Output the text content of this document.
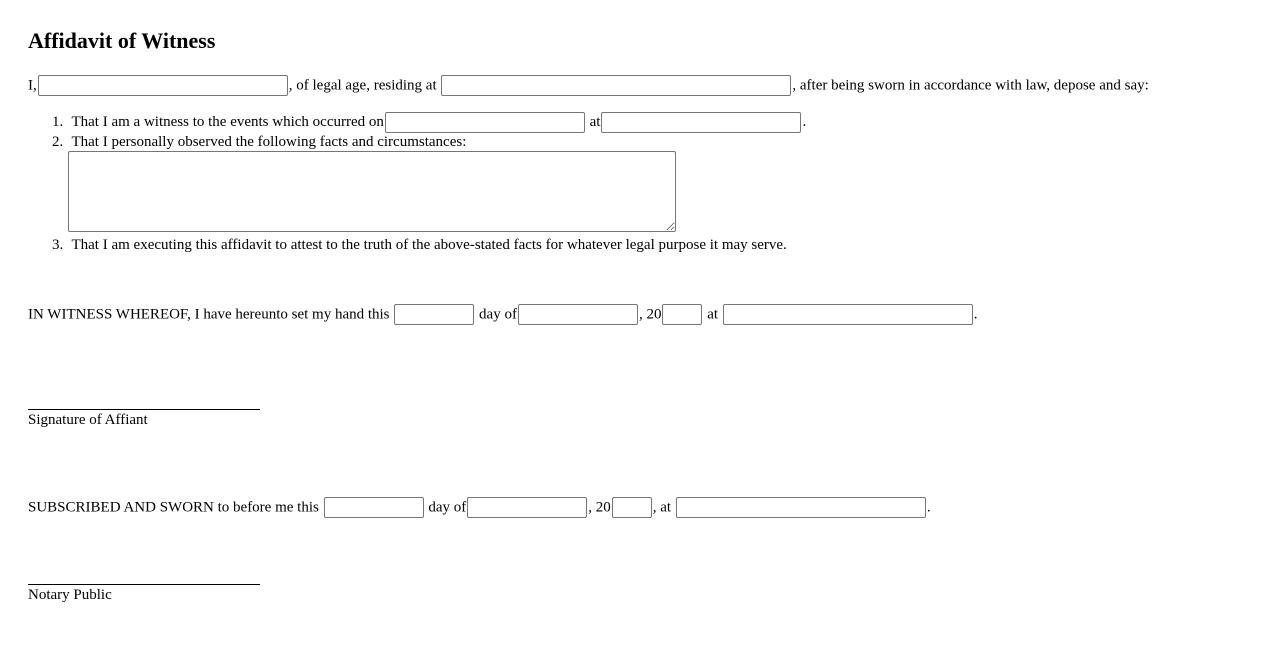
Affidavit of Witness
I,	, of legal age, residing at	, after being sworn in accordance with law, depose and say:
1. That I am a witness to the events which occurred on	at	.
2. That I personally observed the following facts and circumstances:
3. That I am executing this affidavit to attest to the truth of the above-stated facts for whatever legal purpose it may serve.
IN WITNESS WHEREOF, I have hereunto set my hand this	day of	, 20	at	.
Signature of Affiant
SUBSCRIBED AND SWORN to before me this	day of	, 20	, at	.
Notary Public
